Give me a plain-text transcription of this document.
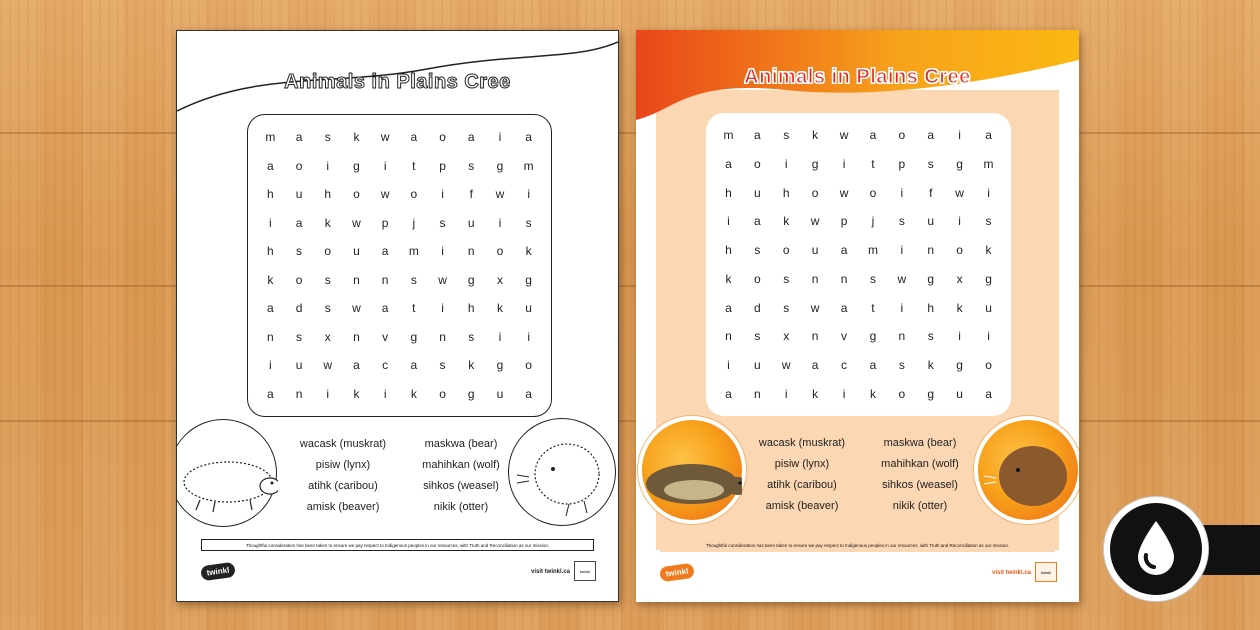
Animals in Plains Cree
m	a	s	k	w	a	o	a	i	a
a	o	i	g	i	t	p	s	g	m
h	u	h	o	w	o	i	f	w	i
i	a	k	w	p	j	s	u	i	s
h	s	o	u	a	m	i	n	o	k
k	o	s	n	n	s	w	g	x	g
a	d	s	w	a	t	i	h	k	u
n	s	x	n	v	g	n	s	i	i
i	u	w	a	c	a	s	k	g	o
a	n	i	k	i	k	o	g	u	a
wacask (muskrat)	maskwa (bear)
pisiw (lynx)	mahihkan (wolf)
atihk (caribou)	sihkos (weasel)
amisk (beaver)	nikik (otter)
Thoughtful consideration has been taken to ensure we pay respect to Indigenous peoples in our resources, with Truth and Reconciliation as our mission.
twinkl	visit twinkl.ca	twinkl
Animals in Plains Cree
m	a	s	k	w	a	o	a	i	a
a	o	i	g	i	t	p	s	g	m
h	u	h	o	w	o	i	f	w	i
i	a	k	w	p	j	s	u	i	s
h	s	o	u	a	m	i	n	o	k
k	o	s	n	n	s	w	g	x	g
a	d	s	w	a	t	i	h	k	u
n	s	x	n	v	g	n	s	i	i
i	u	w	a	c	a	s	k	g	o
a	n	i	k	i	k	o	g	u	a
wacask (muskrat)	maskwa (bear)
pisiw (lynx)	mahihkan (wolf)
atihk (caribou)	sihkos (weasel)
amisk (beaver)	nikik (otter)
Thoughtful consideration has been taken to ensure we pay respect to Indigenous peoples in our resources, with Truth and Reconciliation as our mission.
twinkl	visit twinkl.ca	twinkl
